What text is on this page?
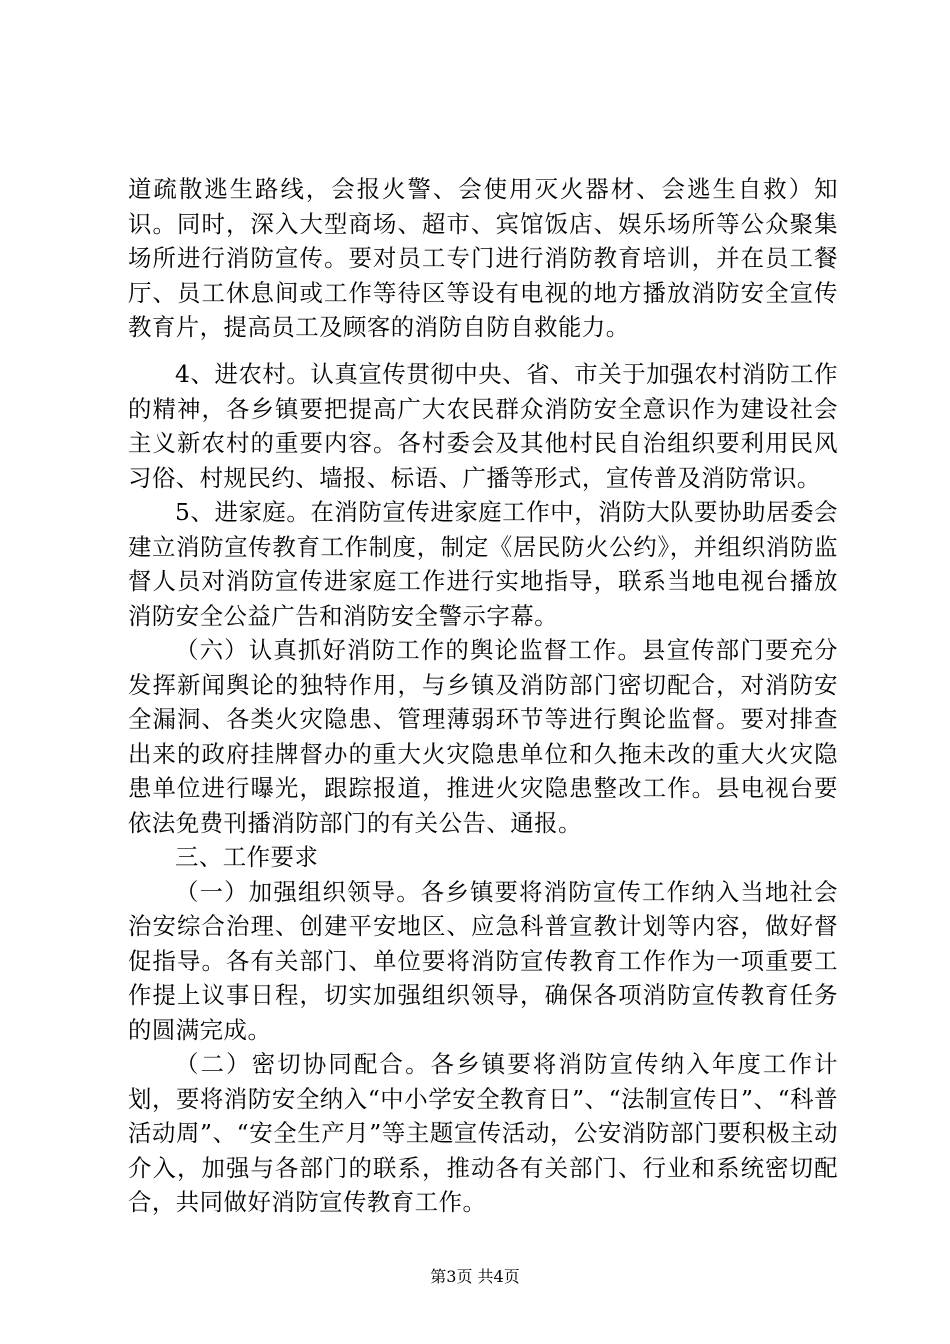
道疏散逃生路线，会报火警、会使用灭火器材、会逃生自救）知识。同时，深入大型商场、超市、宾馆饭店、娱乐场所等公众聚集场所进行消防宣传。要对员工专门进行消防教育培训，并在员工餐厅、员工休息间或工作等待区等设有电视的地方播放消防安全宣传教育片，提高员工及顾客的消防自防自救能力。

4、进农村。认真宣传贯彻中央、省、市关于加强农村消防工作的精神，各乡镇要把提高广大农民群众消防安全意识作为建设社会主义新农村的重要内容。各村委会及其他村民自治组织要利用民风习俗、村规民约、墙报、标语、广播等形式，宣传普及消防常识。

5、进家庭。在消防宣传进家庭工作中，消防大队要协助居委会建立消防宣传教育工作制度，制定《居民防火公约》，并组织消防监督人员对消防宣传进家庭工作进行实地指导，联系当地电视台播放消防安全公益广告和消防安全警示字幕。

（六）认真抓好消防工作的舆论监督工作。县宣传部门要充分发挥新闻舆论的独特作用，与乡镇及消防部门密切配合，对消防安全漏洞、各类火灾隐患、管理薄弱环节等进行舆论监督。要对排查出来的政府挂牌督办的重大火灾隐患单位和久拖未改的重大火灾隐患单位进行曝光，跟踪报道，推进火灾隐患整改工作。县电视台要依法免费刊播消防部门的有关公告、通报。

三、工作要求

（一）加强组织领导。各乡镇要将消防宣传工作纳入当地社会治安综合治理、创建平安地区、应急科普宣教计划等内容，做好督促指导。各有关部门、单位要将消防宣传教育工作作为一项重要工作提上议事日程，切实加强组织领导，确保各项消防宣传教育任务的圆满完成。

（二）密切协同配合。各乡镇要将消防宣传纳入年度工作计划，要将消防安全纳入“中小学安全教育日”、“法制宣传日”、“科普活动周”、“安全生产月”等主题宣传活动，公安消防部门要积极主动介入，加强与各部门的联系，推动各有关部门、行业和系统密切配合，共同做好消防宣传教育工作。

第3页 共4页
